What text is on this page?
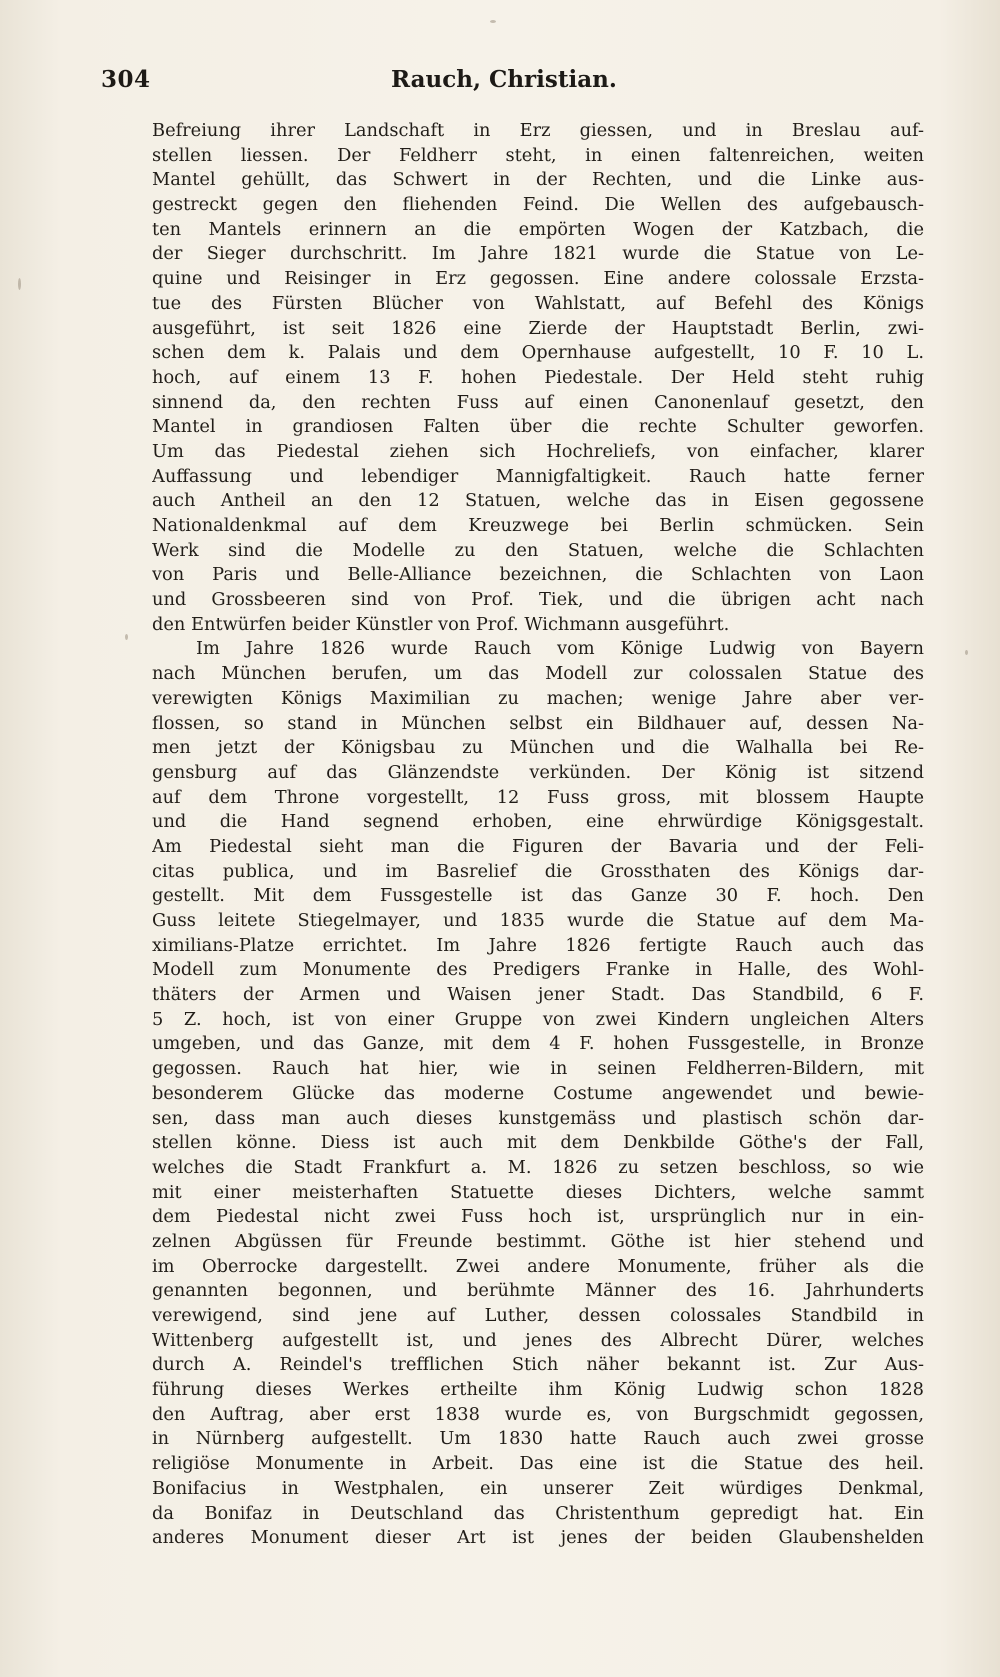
304	Rauch, Christian.
Befreiung ihrer Landschaft in Erz giessen, und in Breslau auf-
stellen liessen. Der Feldherr steht, in einen faltenreichen, weiten
Mantel gehüllt, das Schwert in der Rechten, und die Linke aus-
gestreckt gegen den fliehenden Feind. Die Wellen des aufgebausch-
ten Mantels erinnern an die empörten Wogen der Katzbach, die
der Sieger durchschritt. Im Jahre 1821 wurde die Statue von Le-
quine und Reisinger in Erz gegossen. Eine andere colossale Erzsta-
tue des Fürsten Blücher von Wahlstatt, auf Befehl des Königs
ausgeführt, ist seit 1826 eine Zierde der Hauptstadt Berlin, zwi-
schen dem k. Palais und dem Opernhause aufgestellt, 10 F. 10 L.
hoch, auf einem 13 F. hohen Piedestale. Der Held steht ruhig
sinnend da, den rechten Fuss auf einen Canonenlauf gesetzt, den
Mantel in grandiosen Falten über die rechte Schulter geworfen.
Um das Piedestal ziehen sich Hochreliefs, von einfacher, klarer
Auffassung und lebendiger Mannigfaltigkeit. Rauch hatte ferner
auch Antheil an den 12 Statuen, welche das in Eisen gegossene
Nationaldenkmal auf dem Kreuzwege bei Berlin schmücken. Sein
Werk sind die Modelle zu den Statuen, welche die Schlachten
von Paris und Belle-Alliance bezeichnen, die Schlachten von Laon
und Grossbeeren sind von Prof. Tiek, und die übrigen acht nach
den Entwürfen beider Künstler von Prof. Wichmann ausgeführt.
Im Jahre 1826 wurde Rauch vom Könige Ludwig von Bayern
nach München berufen, um das Modell zur colossalen Statue des
verewigten Königs Maximilian zu machen; wenige Jahre aber ver-
flossen, so stand in München selbst ein Bildhauer auf, dessen Na-
men jetzt der Königsbau zu München und die Walhalla bei Re-
gensburg auf das Glänzendste verkünden. Der König ist sitzend
auf dem Throne vorgestellt, 12 Fuss gross, mit blossem Haupte
und die Hand segnend erhoben, eine ehrwürdige Königsgestalt.
Am Piedestal sieht man die Figuren der Bavaria und der Feli-
citas publica, und im Basrelief die Grossthaten des Königs dar-
gestellt. Mit dem Fussgestelle ist das Ganze 30 F. hoch. Den
Guss leitete Stiegelmayer, und 1835 wurde die Statue auf dem Ma-
ximilians-Platze errichtet. Im Jahre 1826 fertigte Rauch auch das
Modell zum Monumente des Predigers Franke in Halle, des Wohl-
thäters der Armen und Waisen jener Stadt. Das Standbild, 6 F.
5 Z. hoch, ist von einer Gruppe von zwei Kindern ungleichen Alters
umgeben, und das Ganze, mit dem 4 F. hohen Fussgestelle, in Bronze
gegossen. Rauch hat hier, wie in seinen Feldherren-Bildern, mit
besonderem Glücke das moderne Costume angewendet und bewie-
sen, dass man auch dieses kunstgemäss und plastisch schön dar-
stellen könne. Diess ist auch mit dem Denkbilde Göthe's der Fall,
welches die Stadt Frankfurt a. M. 1826 zu setzen beschloss, so wie
mit einer meisterhaften Statuette dieses Dichters, welche sammt
dem Piedestal nicht zwei Fuss hoch ist, ursprünglich nur in ein-
zelnen Abgüssen für Freunde bestimmt. Göthe ist hier stehend und
im Oberrocke dargestellt. Zwei andere Monumente, früher als die
genannten begonnen, und berühmte Männer des 16. Jahrhunderts
verewigend, sind jene auf Luther, dessen colossales Standbild in
Wittenberg aufgestellt ist, und jenes des Albrecht Dürer, welches
durch A. Reindel's trefflichen Stich näher bekannt ist. Zur Aus-
führung dieses Werkes ertheilte ihm König Ludwig schon 1828
den Auftrag, aber erst 1838 wurde es, von Burgschmidt gegossen,
in Nürnberg aufgestellt. Um 1830 hatte Rauch auch zwei grosse
religiöse Monumente in Arbeit. Das eine ist die Statue des heil.
Bonifacius in Westphalen, ein unserer Zeit würdiges Denkmal,
da Bonifaz in Deutschland das Christenthum gepredigt hat. Ein
anderes Monument dieser Art ist jenes der beiden Glaubenshelden
